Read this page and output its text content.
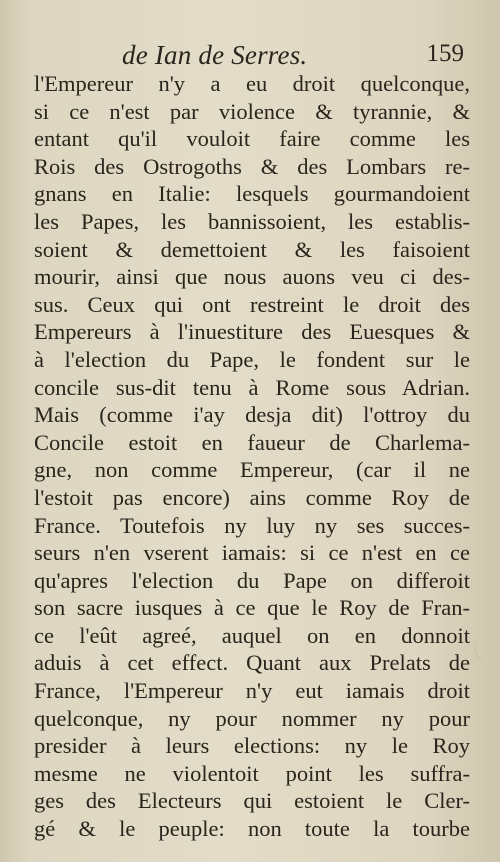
de Ian de Serres.	159
l'Empereur n'y a eu droit quelconque,
si ce n'est par violence & tyrannie, &
entant qu'il vouloit faire comme les
Rois des Ostrogoths & des Lombars re-
gnans en Italie: lesquels gourmandoient
les Papes, les bannissoient, les establis-
soient & demettoient & les faisoient
mourir, ainsi que nous auons veu ci des-
sus. Ceux qui ont restreint le droit des
Empereurs à l'inuestiture des Euesques &
à l'election du Pape, le fondent sur le
concile sus-dit tenu à Rome sous Adrian.
Mais (comme i'ay desja dit) l'ottroy du
Concile estoit en faueur de Charlema-
gne, non comme Empereur, (car il ne
l'estoit pas encore) ains comme Roy de
France. Toutefois ny luy ny ses succes-
seurs n'en vserent iamais: si ce n'est en ce
qu'apres l'election du Pape on differoit
son sacre iusques à ce que le Roy de Fran-
ce l'eût agreé, auquel on en donnoit
aduis à cet effect. Quant aux Prelats de
France, l'Empereur n'y eut iamais droit
quelconque, ny pour nommer ny pour
presider à leurs elections: ny le Roy
mesme ne violentoit point les suffra-
ges des Electeurs qui estoient le Cler-
gé & le peuple: non toute la tourbe
